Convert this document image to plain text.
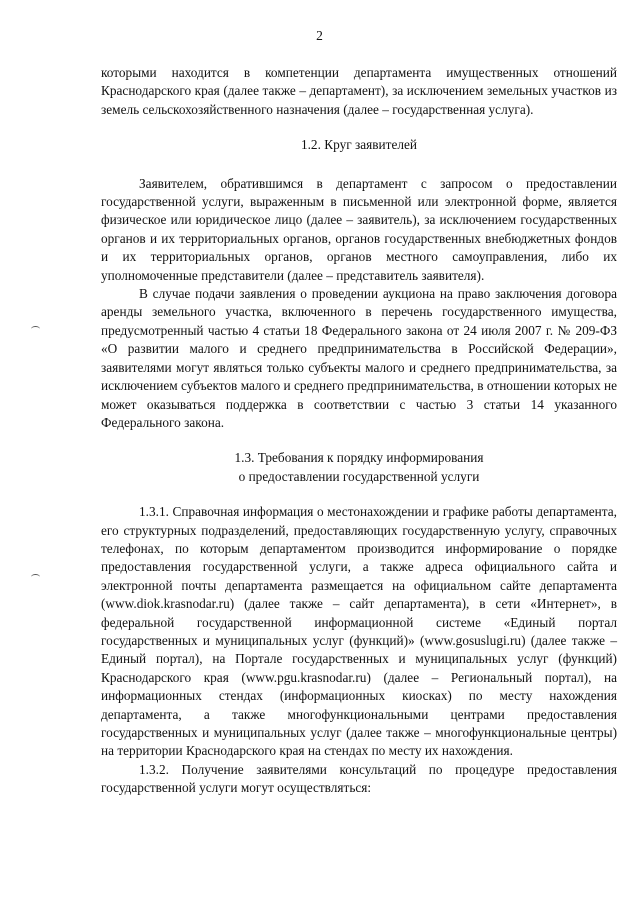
2

которыми находится в компетенции департамента имущественных отношений Краснодарского края (далее также – департамент), за исключением земельных участков из земель сельскохозяйственного назначения (далее – государственная услуга).

1.2. Круг заявителей

Заявителем, обратившимся в департамент с запросом о предоставлении государственной услуги, выраженным в письменной или электронной форме, является физическое или юридическое лицо (далее – заявитель), за исключением государственных органов и их территориальных органов, органов государственных внебюджетных фондов и их территориальных органов, органов местного самоуправления, либо их уполномоченные представители (далее – представитель заявителя).

В случае подачи заявления о проведении аукциона на право заключения договора аренды земельного участка, включенного в перечень государственного имущества, предусмотренный частью 4 статьи 18 Федерального закона от 24 июля 2007 г. № 209-ФЗ «О развитии малого и среднего предпринимательства в Российской Федерации», заявителями могут являться только субъекты малого и среднего предпринимательства, за исключением субъектов малого и среднего предпринимательства, в отношении которых не может оказываться поддержка в соответствии с частью 3 статьи 14 указанного Федерального закона.

1.3. Требования к порядку информирования

о предоставлении государственной услуги

1.3.1. Справочная информация о местонахождении и графике работы департамента, его структурных подразделений, предоставляющих государственную услугу, справочных телефонах, по которым департаментом производится информирование о порядке предоставления государственной услуги, а также адреса официального сайта и электронной почты департамента размещается на официальном сайте департамента (www.diok.krasnodar.ru) (далее также – сайт департамента), в сети «Интернет», в федеральной государственной информационной системе «Единый портал государственных и муниципальных услуг (функций)» (www.gosuslugi.ru) (далее также – Единый портал), на Портале государственных и муниципальных услуг (функций) Краснодарского края (www.pgu.krasnodar.ru) (далее – Региональный портал), на информационных стендах (информационных киосках) по месту нахождения департамента, а также многофункциональными центрами предоставления государственных и муниципальных услуг (далее также – многофункциональные центры) на территории Краснодарского края на стендах по месту их нахождения.

1.3.2. Получение заявителями консультаций по процедуре предоставления государственной услуги могут осуществляться:
